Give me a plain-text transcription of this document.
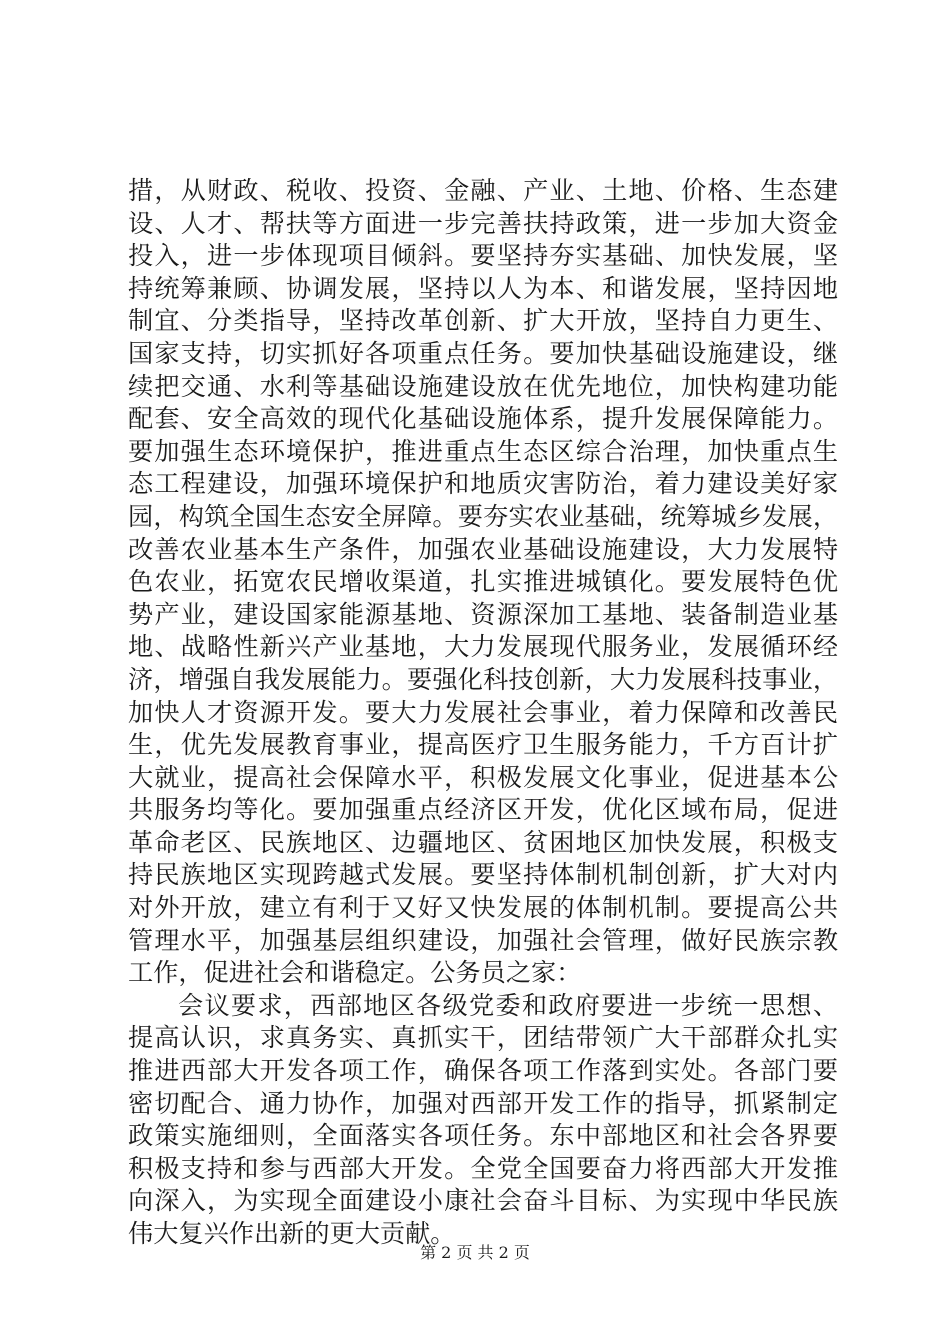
措，从财政、税收、投资、金融、产业、土地、价格、生态建
设、人才、帮扶等方面进一步完善扶持政策，进一步加大资金
投入，进一步体现项目倾斜。要坚持夯实基础、加快发展，坚
持统筹兼顾、协调发展，坚持以人为本、和谐发展，坚持因地
制宜、分类指导，坚持改革创新、扩大开放，坚持自力更生、
国家支持，切实抓好各项重点任务。要加快基础设施建设，继
续把交通、水利等基础设施建设放在优先地位，加快构建功能
配套、安全高效的现代化基础设施体系，提升发展保障能力。
要加强生态环境保护，推进重点生态区综合治理，加快重点生
态工程建设，加强环境保护和地质灾害防治，着力建设美好家
园，构筑全国生态安全屏障。要夯实农业基础，统筹城乡发展，
改善农业基本生产条件，加强农业基础设施建设，大力发展特
色农业，拓宽农民增收渠道，扎实推进城镇化。要发展特色优
势产业，建设国家能源基地、资源深加工基地、装备制造业基
地、战略性新兴产业基地，大力发展现代服务业，发展循环经
济，增强自我发展能力。要强化科技创新，大力发展科技事业，
加快人才资源开发。要大力发展社会事业，着力保障和改善民
生，优先发展教育事业，提高医疗卫生服务能力，千方百计扩
大就业，提高社会保障水平，积极发展文化事业，促进基本公
共服务均等化。要加强重点经济区开发，优化区域布局，促进
革命老区、民族地区、边疆地区、贫困地区加快发展，积极支
持民族地区实现跨越式发展。要坚持体制机制创新，扩大对内
对外开放，建立有利于又好又快发展的体制机制。要提高公共
管理水平，加强基层组织建设，加强社会管理，做好民族宗教
工作，促进社会和谐稳定。公务员之家：
会议要求，西部地区各级党委和政府要进一步统一思想、
提高认识，求真务实、真抓实干，团结带领广大干部群众扎实
推进西部大开发各项工作，确保各项工作落到实处。各部门要
密切配合、通力协作，加强对西部开发工作的指导，抓紧制定
政策实施细则，全面落实各项任务。东中部地区和社会各界要
积极支持和参与西部大开发。全党全国要奋力将西部大开发推
向深入，为实现全面建设小康社会奋斗目标、为实现中华民族
伟大复兴作出新的更大贡献。
第 2 页 共 2 页
